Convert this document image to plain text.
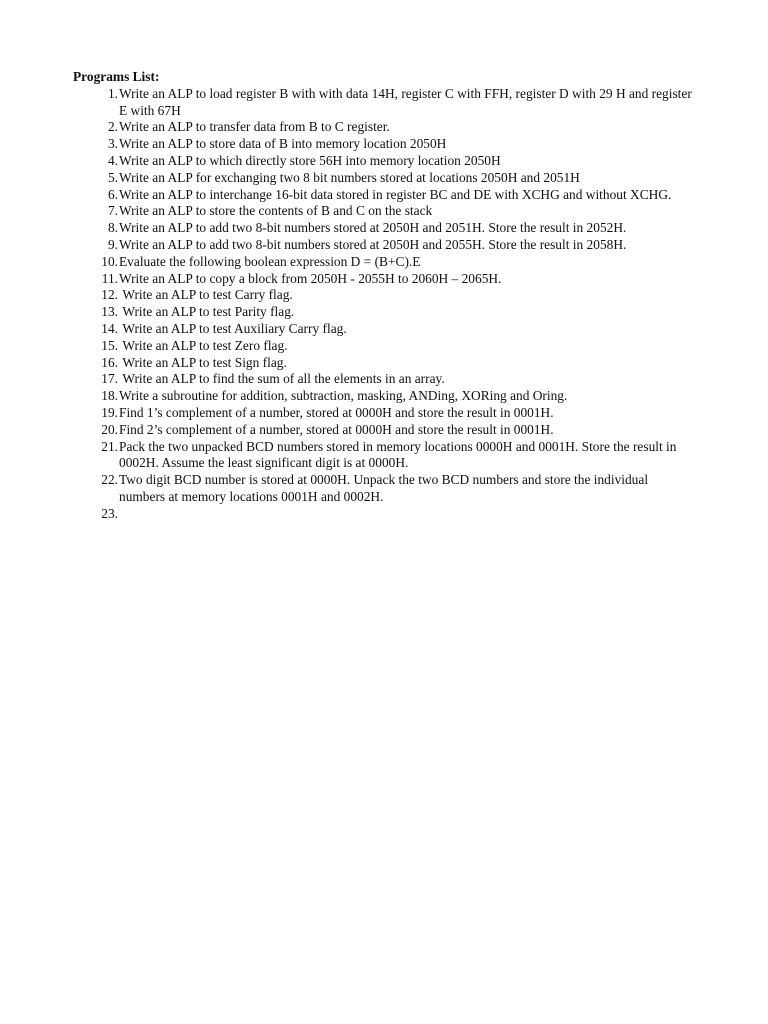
Programs List:
1. Write an ALP to load register B with with data 14H, register C with FFH, register D with 29 H and register E with 67H
2. Write an ALP to transfer data from B to C register.
3. Write an ALP to store data of B into memory location 2050H
4. Write an ALP to which directly store 56H into memory location 2050H
5. Write an ALP for exchanging two 8 bit numbers stored at locations 2050H and 2051H
6. Write an ALP to interchange 16-bit data stored in register BC and DE with XCHG and without XCHG.
7. Write an ALP to store the contents of B and C on the stack
8. Write an ALP to add two 8-bit numbers stored at 2050H and 2051H. Store the result in 2052H.
9. Write an ALP to add two 8-bit numbers stored at 2050H and 2055H. Store the result in 2058H.
10. Evaluate the following boolean expression D = (B+C).E
11. Write an ALP to copy a block from 2050H - 2055H to 2060H – 2065H.
12. Write an ALP to test Carry flag.
13. Write an ALP to test Parity flag.
14. Write an ALP to test Auxiliary Carry flag.
15. Write an ALP to test Zero flag.
16. Write an ALP to test Sign flag.
17. Write an ALP to find the sum of all the elements in an array.
18. Write a subroutine for addition, subtraction, masking, ANDing, XORing and Oring.
19. Find 1’s complement of a number, stored at 0000H and store the result in 0001H.
20. Find 2’s complement of a number, stored at 0000H and store the result in 0001H.
21. Pack the two unpacked BCD numbers stored in memory locations 0000H and 0001H. Store the result in 0002H. Assume the least significant digit is at 0000H.
22. Two digit BCD number is stored at 0000H. Unpack the two BCD numbers and store the individual numbers at memory locations 0001H and 0002H.
23.
